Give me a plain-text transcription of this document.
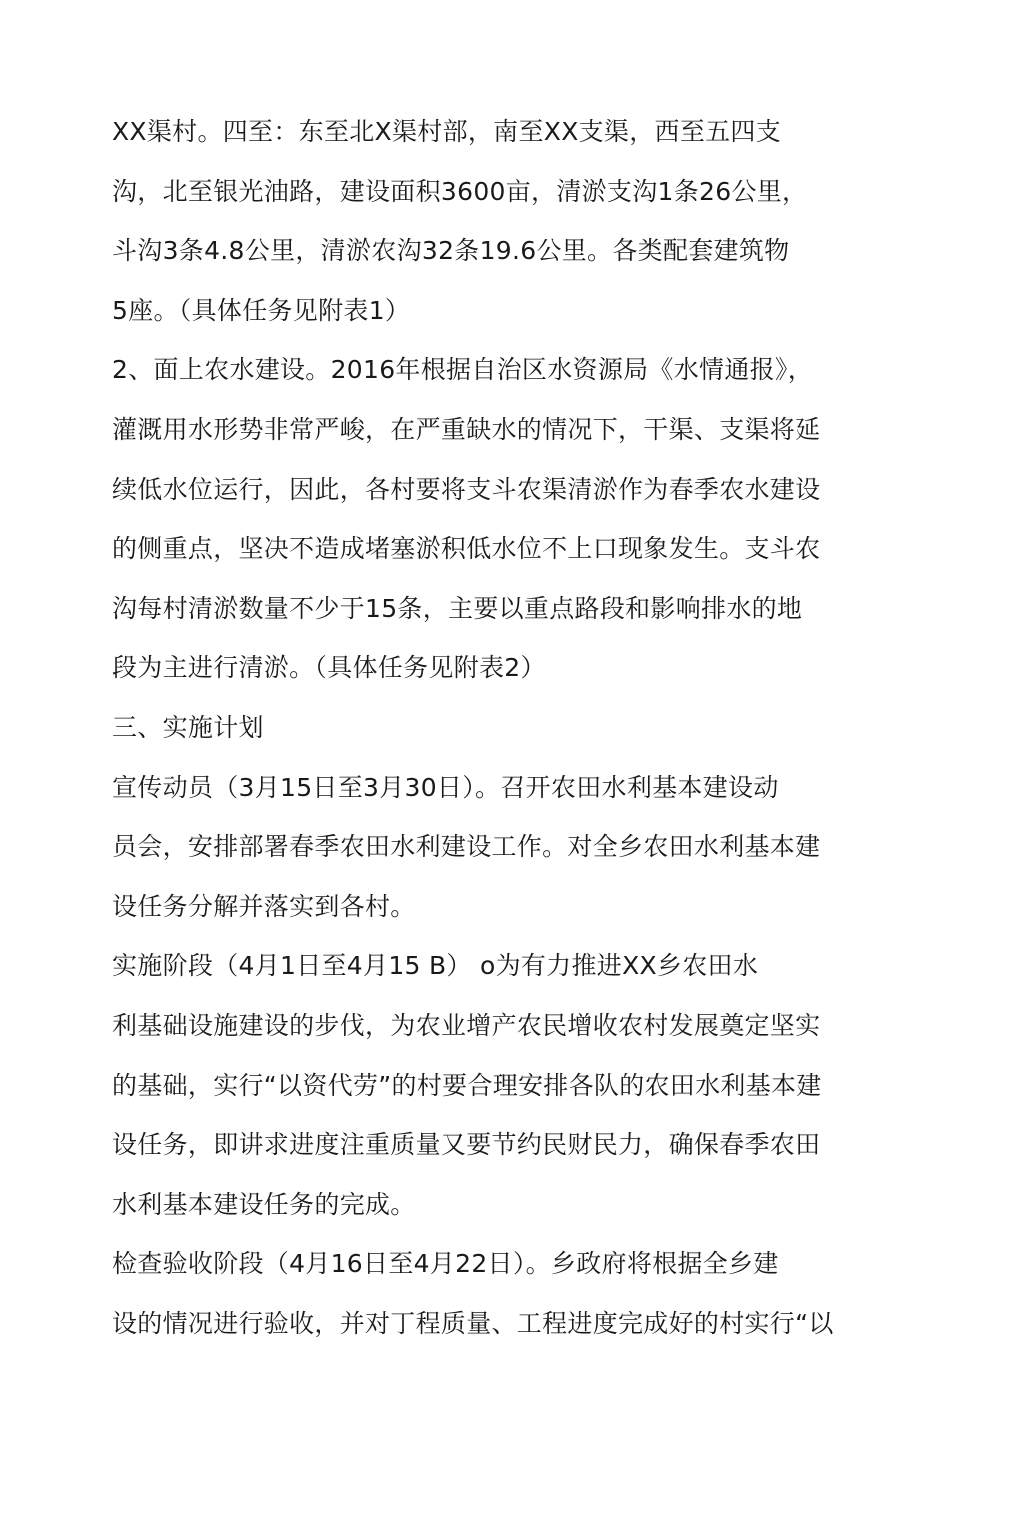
XX渠村。四至：东至北X渠村部，南至XX支渠，西至五四支
沟，北至银光油路，建设面积3600亩，清淤支沟1条26公里，
斗沟3条4.8公里，清淤农沟32条19.6公里。各类配套建筑物
5座。（具体任务见附表1）
2、面上农水建设。2016年根据自治区水资源局《水情通报》，
灌溉用水形势非常严峻，在严重缺水的情况下，干渠、支渠将延
续低水位运行，因此，各村要将支斗农渠清淤作为春季农水建设
的侧重点，坚决不造成堵塞淤积低水位不上口现象发生。支斗农
沟每村清淤数量不少于15条，主要以重点路段和影响排水的地
段为主进行清淤。（具体任务见附表2）
三、实施计划
宣传动员（3月15日至3月30日）。召开农田水利基本建设动
员会，安排部署春季农田水利建设工作。对全乡农田水利基本建
设任务分解并落实到各村。
实施阶段（4月1日至4月15 B） o为有力推进XX乡农田水
利基础设施建设的步伐，为农业增产农民增收农村发展奠定坚实
的基础，实行“以资代劳”的村要合理安排各队的农田水利基本建
设任务，即讲求进度注重质量又要节约民财民力，确保春季农田
水利基本建设任务的完成。
检查验收阶段（4月16日至4月22日）。乡政府将根据全乡建
设的情况进行验收，并对丁程质量、工程进度完成好的村实行“以
